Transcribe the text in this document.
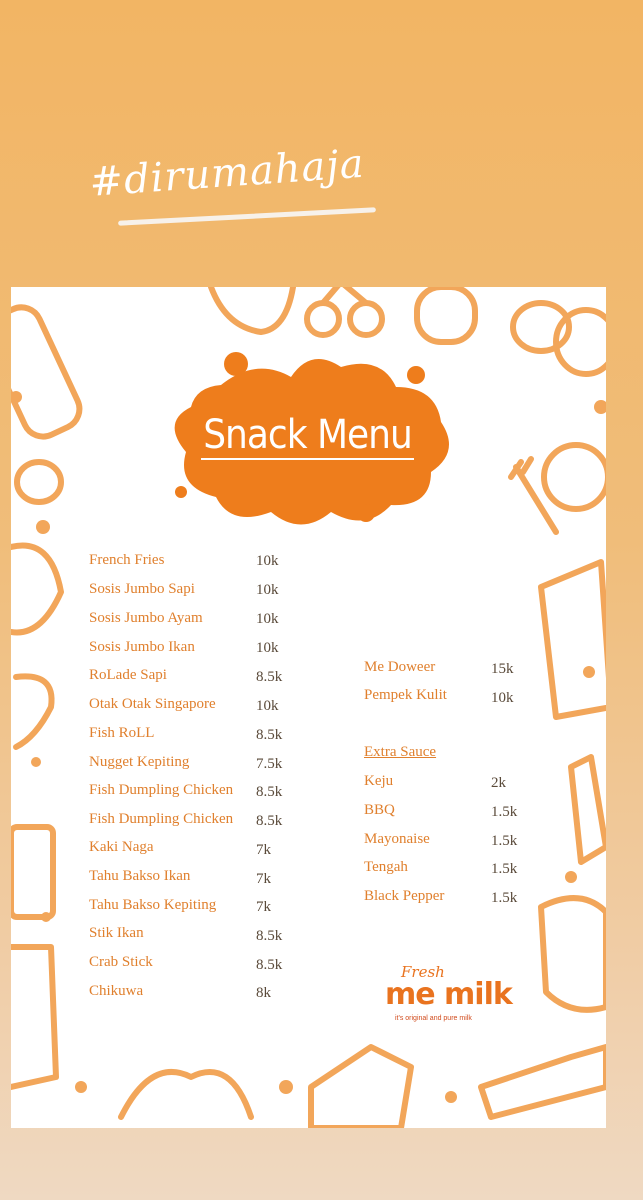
#dirumahaja
Snack Menu
French Fries	10k
Sosis Jumbo Sapi	10k
Sosis Jumbo Ayam	10k
Sosis Jumbo Ikan	10k
RoLade Sapi	8.5k
Otak Otak Singapore	10k
Fish RoLL	8.5k
Nugget Kepiting	7.5k
Fish Dumpling Chicken 8.5k
Fish Dumpling Chicken 8.5k
Kaki Naga	7k
Tahu Bakso Ikan	7k
Tahu Bakso Kepiting	7k
Stik Ikan	8.5k
Crab Stick	8.5k
Chikuwa	8k
Me Doweer	15k
Pempek Kulit	10k
Extra Sauce
Keju	2k
BBQ	1.5k
Mayonaise	1.5k
Tengah	1.5k
Black Pepper	1.5k
Fresh
me milk
it's original and pure milk
